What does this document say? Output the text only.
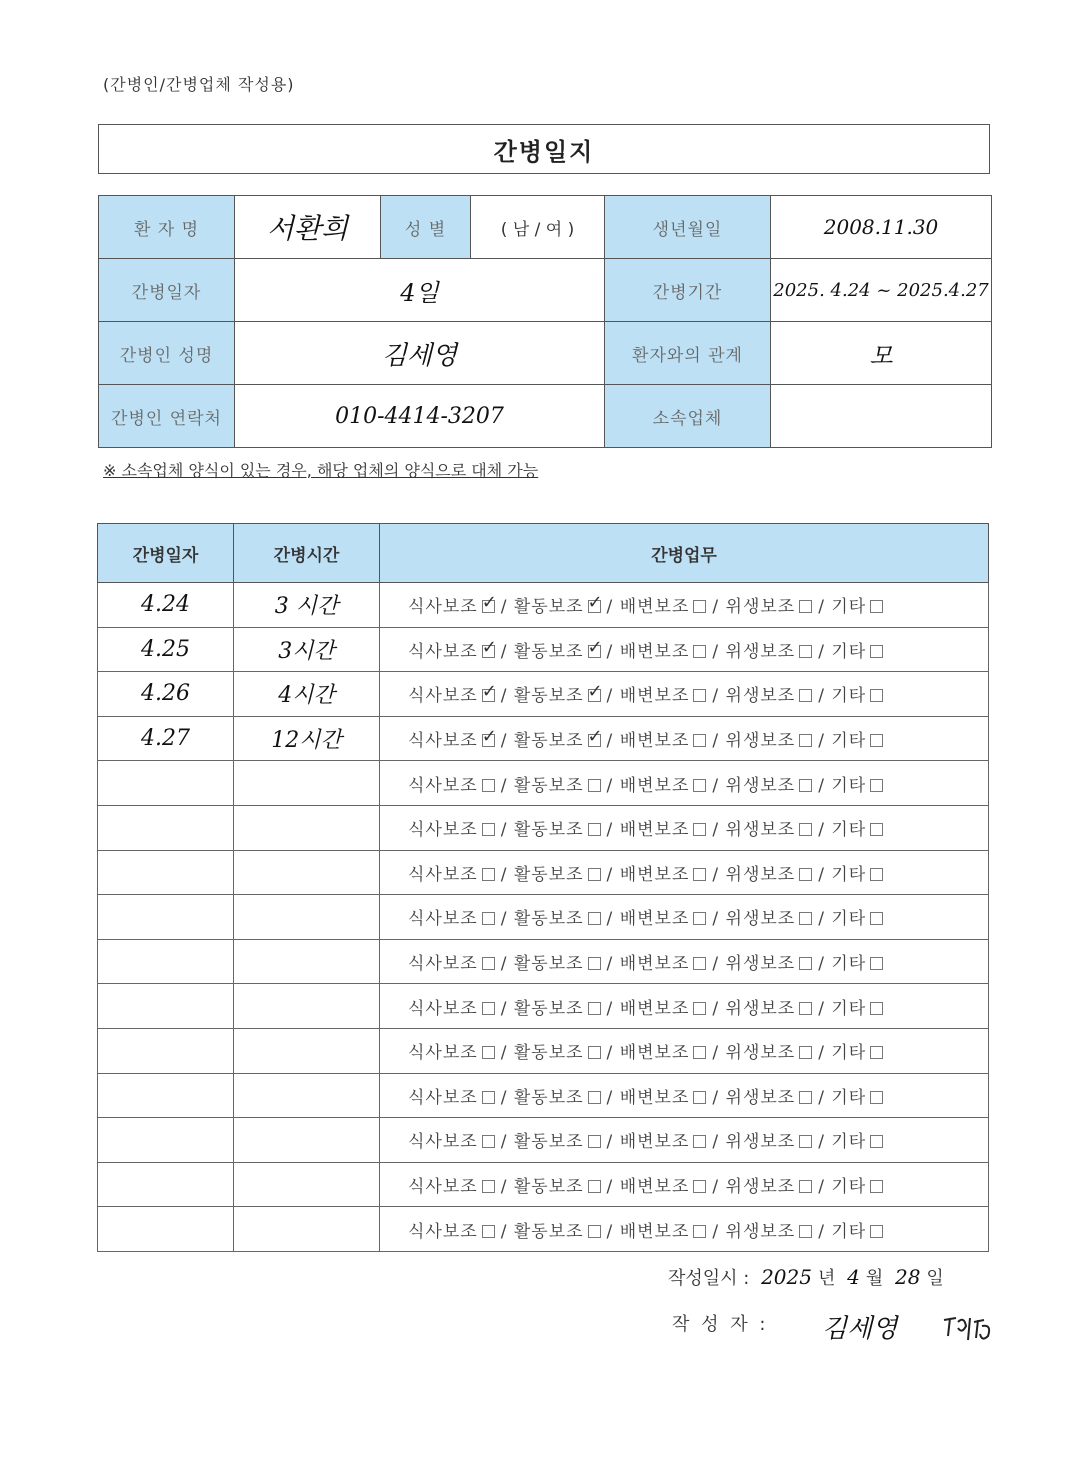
(간병인/간병업체 작성용)
간병일지
환 자 명	서환희	성 별	( 남 / 여 )	생년월일	2008.11.30
간병일자	4일			간병기간	2025. 4.24 ~ 2025.4.27
간병인 성명	김세영			환자와의 관계	모
간병인 연락처	010-4414-3207			소속업체	
※ 소속업체 양식이 있는 경우, 해당 업체의 양식으로 대체 가능
간병일자	간병시간	간병업무
4.24	3 시간	식사보조 ✓ / 활동보조 ✓ / 배변보조 / 위생보조 / 기타
4.25	3시간	식사보조 ✓ / 활동보조 ✓ / 배변보조 / 위생보조 / 기타
4.26	4시간	식사보조 ✓ / 활동보조 ✓ / 배변보조 / 위생보조 / 기타
4.27	12시간	식사보조 ✓ / 활동보조 ✓ / 배변보조 / 위생보조 / 기타
		식사보조 / 활동보조 / 배변보조 / 위생보조 / 기타
		식사보조 / 활동보조 / 배변보조 / 위생보조 / 기타
		식사보조 / 활동보조 / 배변보조 / 위생보조 / 기타
		식사보조 / 활동보조 / 배변보조 / 위생보조 / 기타
		식사보조 / 활동보조 / 배변보조 / 위생보조 / 기타
		식사보조 / 활동보조 / 배변보조 / 위생보조 / 기타
		식사보조 / 활동보조 / 배변보조 / 위생보조 / 기타
		식사보조 / 활동보조 / 배변보조 / 위생보조 / 기타
		식사보조 / 활동보조 / 배변보조 / 위생보조 / 기타
		식사보조 / 활동보조 / 배변보조 / 위생보조 / 기타
		식사보조 / 활동보조 / 배변보조 / 위생보조 / 기타
작성일시 : 2025 년 4 월 28 일
작 성 자 : 김세영
